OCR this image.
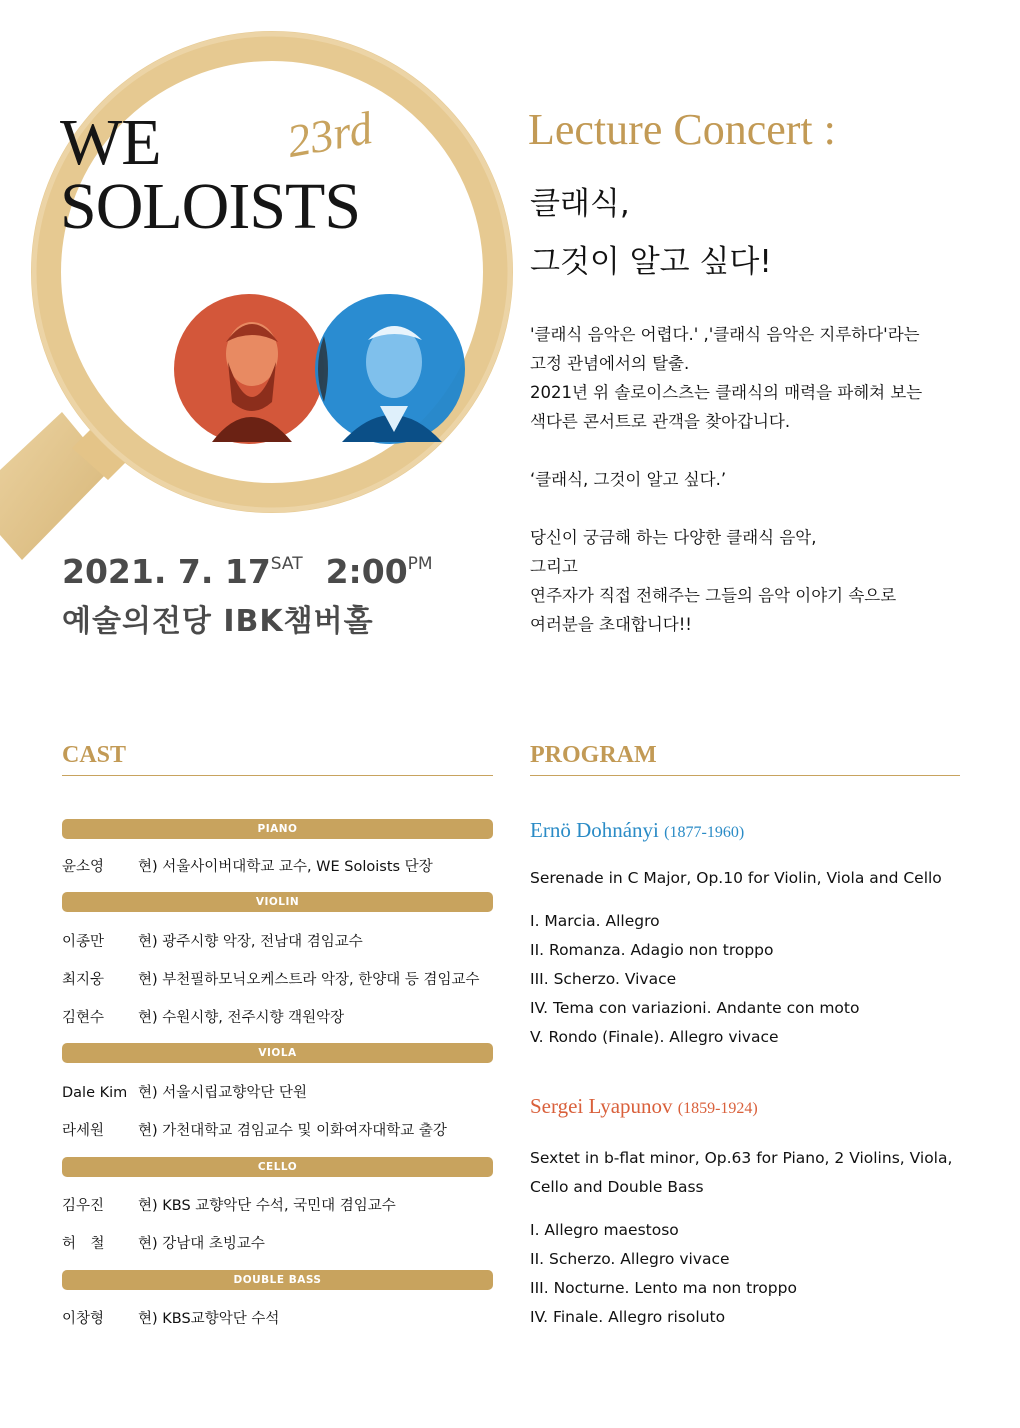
WE
SOLOISTS
23rd
2021. 7. $17^{SAT}$ $2:00^{PM}$
예술의전당 IBK챔버홀
Lecture Concert :
클래식,
그것이 알고 싶다!

'클래식 음악은 어렵다.' ,'클래식 음악은 지루하다'라는

고정 관념에서의 탈출.

2021년 위 솔로이스츠는 클래식의 매력을 파헤쳐 보는

색다른 콘서트로 관객을 찾아갑니다.

‘클래식, 그것이 알고 싶다.’

당신이 궁금해 하는 다양한 클래식 음악,

그리고

연주자가 직접 전해주는 그들의 음악 이야기 속으로

여러분을 초대합니다!!

CAST
PIANO
윤소영 현) 서울사이버대학교 교수, WE Soloists 단장
VIOLIN
이종만 현) 광주시향 악장, 전남대 겸임교수
최지웅 현) 부천필하모닉오케스트라 악장, 한양대 등 겸임교수
김현수 현) 수원시향, 전주시향 객원악장
VIOLA
Dale Kim 현) 서울시립교향악단 단원
라세원 현) 가천대학교 겸임교수 및 이화여자대학교 출강
CELLO
김우진 현) KBS 교향악단 수석, 국민대 겸임교수
허　철 현) 강남대 초빙교수
DOUBLE BASS
이창형 현) KBS교향악단 수석
PROGRAM
Ernö Dohnányi (1877-1960)
Serenade in C Major, Op.10 for Violin, Viola and Cello
I. Marcia. Allegro
II. Romanza. Adagio non troppo
III. Scherzo. Vivace
IV. Tema con variazioni. Andante con moto
V. Rondo (Finale). Allegro vivace
Sergei Lyapunov (1859-1924)
Sextet in b-flat minor, Op.63 for Piano, 2 Violins, Viola,
Cello and Double Bass
I. Allegro maestoso
II. Scherzo. Allegro vivace
III. Nocturne. Lento ma non troppo
IV. Finale. Allegro risoluto
